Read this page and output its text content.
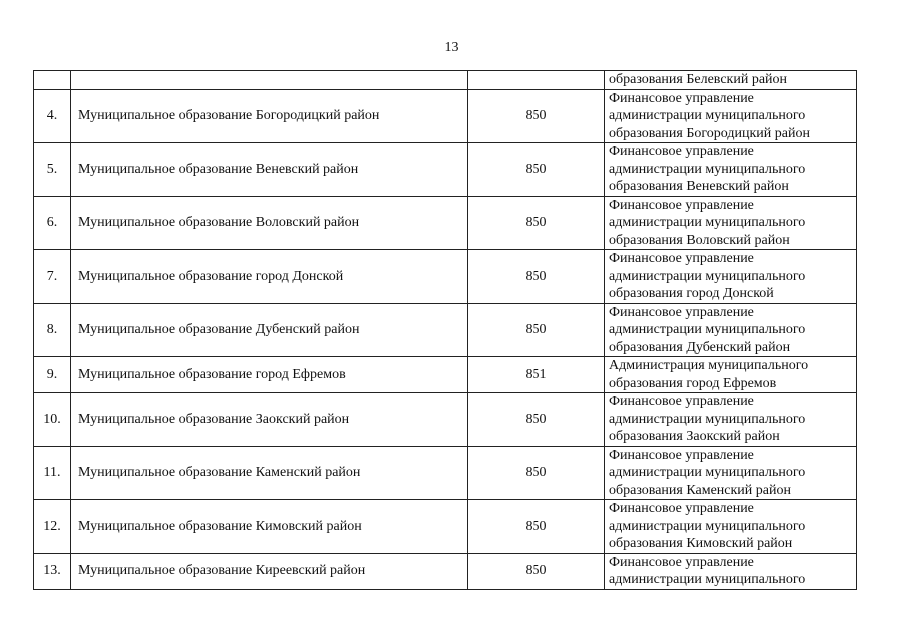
13

			образования Белевский район

4.	Муниципальное образование Богородицкий район	850	Финансовое управление
администрации муниципального
образования Богородицкий район

5.	Муниципальное образование Веневский район	850	Финансовое управление
администрации муниципального
образования Веневский район

6.	Муниципальное образование Воловский район	850	Финансовое управление
администрации муниципального
образования Воловский район

7.	Муниципальное образование город Донской	850	Финансовое управление
администрации муниципального
образования город Донской

8.	Муниципальное образование Дубенский район	850	Финансовое управление
администрации муниципального
образования Дубенский район

9.	Муниципальное образование город Ефремов	851	Администрация муниципального
образования город Ефремов

10.	Муниципальное образование Заокский район	850	Финансовое управление
администрации муниципального
образования Заокский район

11.	Муниципальное образование Каменский район	850	Финансовое управление
администрации муниципального
образования Каменский район

12.	Муниципальное образование Кимовский район	850	Финансовое управление
администрации муниципального
образования Кимовский район

13.	Муниципальное образование Киреевский район	850	Финансовое управление
администрации муниципального
